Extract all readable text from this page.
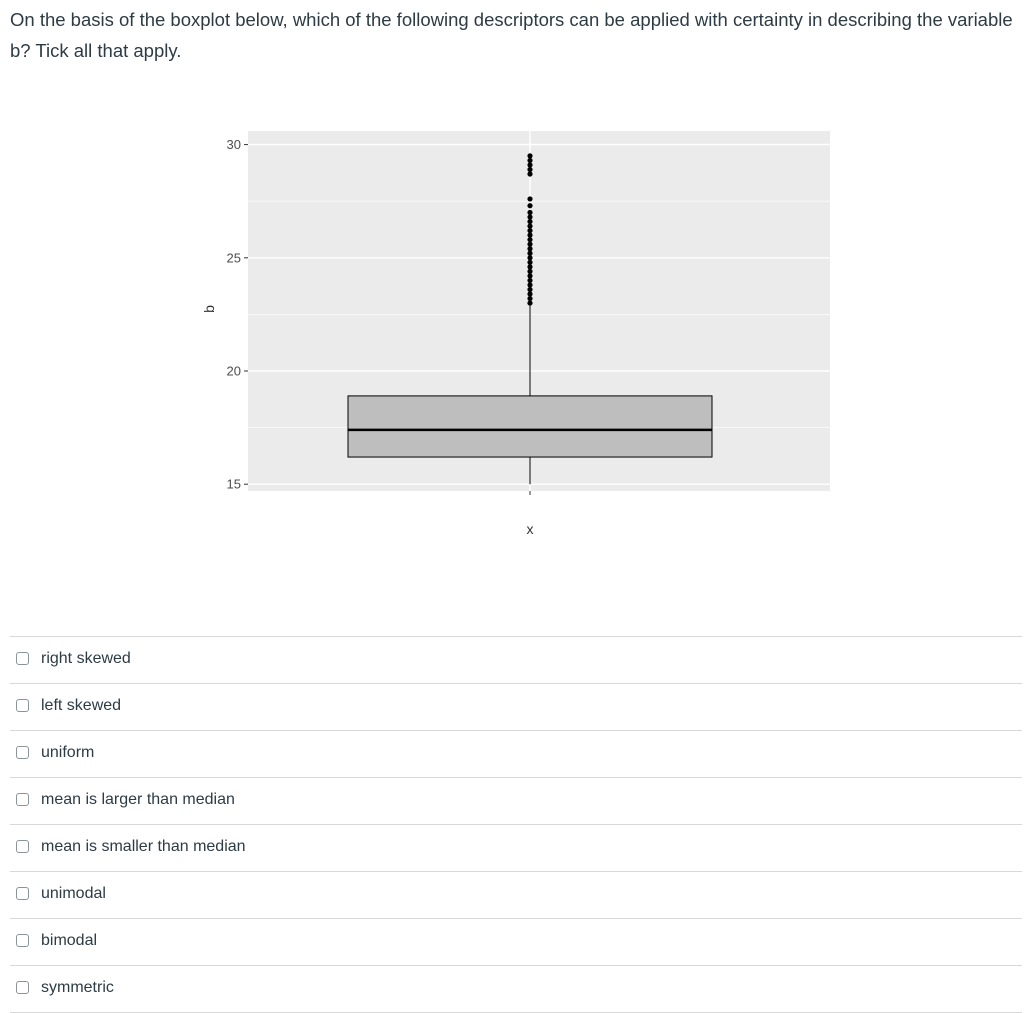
On the basis of the boxplot below, which of the following descriptors can be applied with certainty in describing the variable b? Tick all that apply.

15
20
25
30
x
b
right skewed
left skewed
uniform
mean is larger than median
mean is smaller than median
unimodal
bimodal
symmetric
